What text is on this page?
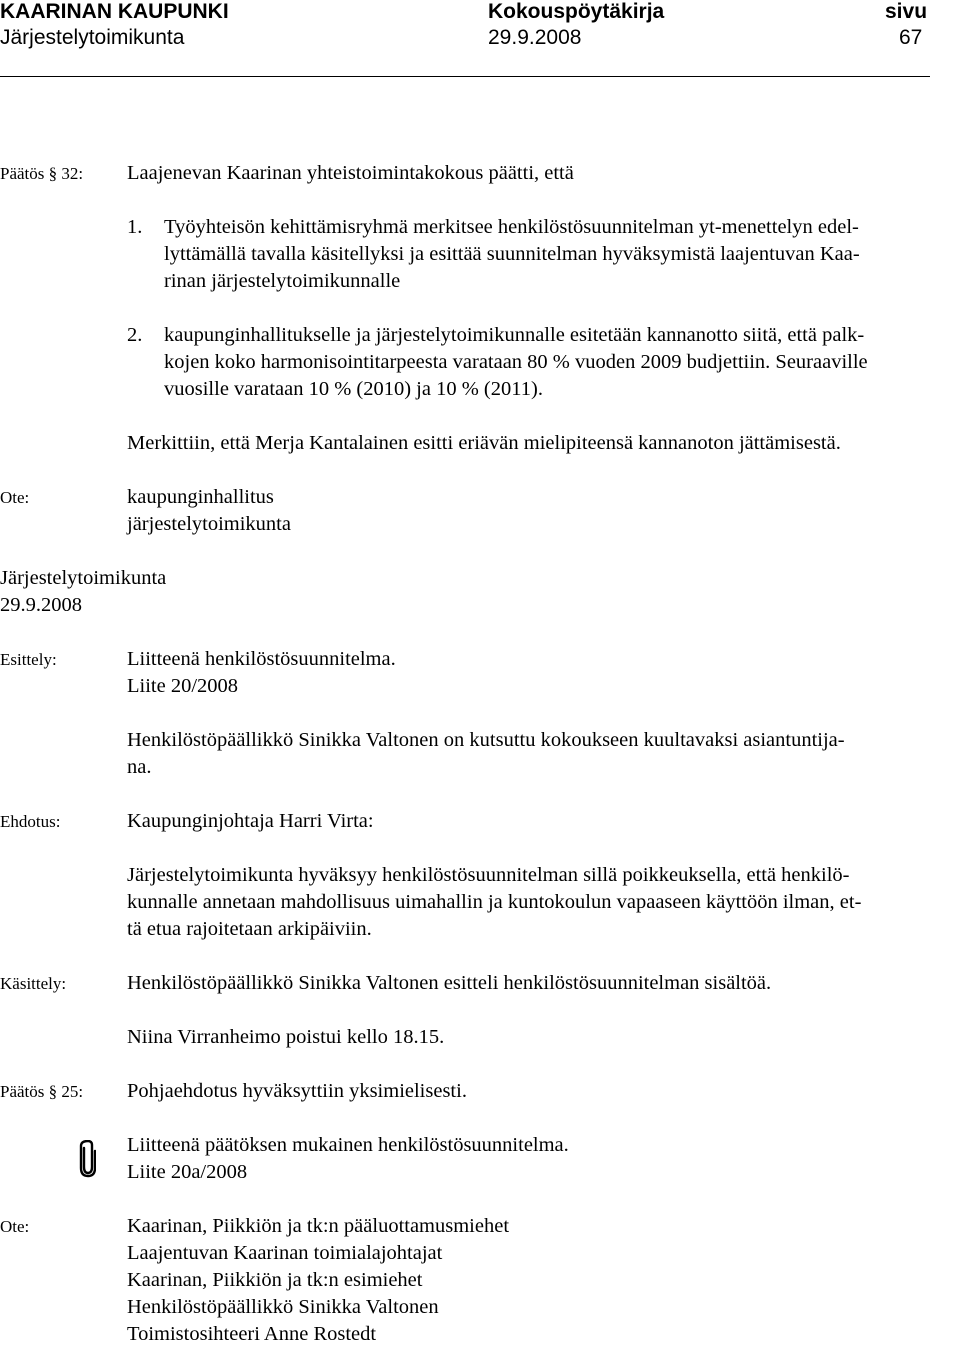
KAARINAN KAUPUNKI	Kokouspöytäkirja	sivu
Järjestelytoimikunta	29.9.2008	67
Päätös § 32: Laajenevan Kaarinan yhteistoimintakokous päätti, että
1.	Työyhteisön kehittämisryhmä merkitsee henkilöstösuunnitelman yt-menettelyn edel-
lyttämällä tavalla käsitellyksi ja esittää suunnitelman hyväksymistä laajentuvan Kaa-
rinan järjestelytoimikunnalle
2.	kaupunginhallitukselle ja järjestelytoimikunnalle esitetään kannanotto siitä, että palk-
kojen koko harmonisointitarpeesta varataan 80 % vuoden 2009 budjettiin. Seuraaville
vuosille varataan 10 % (2010) ja 10 % (2011).
Merkittiin, että Merja Kantalainen esitti eriävän mielipiteensä kannanoton jättämisestä.
Ote:	kaupunginhallitus
järjestelytoimikunta
Järjestelytoimikunta
29.9.2008
Esittely:	Liitteenä henkilöstösuunnitelma.
Liite 20/2008
Henkilöstöpäällikkö Sinikka Valtonen on kutsuttu kokoukseen kuultavaksi asiantuntija-
na.
Ehdotus:	Kaupunginjohtaja Harri Virta:
Järjestelytoimikunta hyväksyy henkilöstösuunnitelman sillä poikkeuksella, että henkilö-
kunnalle annetaan mahdollisuus uimahallin ja kuntokoulun vapaaseen käyttöön ilman, et-
tä etua rajoitetaan arkipäiviin.
Käsittely:	Henkilöstöpäällikkö Sinikka Valtonen esitteli henkilöstösuunnitelman sisältöä.
Niina Virranheimo poistui kello 18.15.
Päätös § 25: Pohjaehdotus hyväksyttiin yksimielisesti.
Liitteenä päätöksen mukainen henkilöstösuunnitelma.
Liite 20a/2008
Ote:	Kaarinan, Piikkiön ja tk:n pääluottamusmiehet
Laajentuvan Kaarinan toimialajohtajat
Kaarinan, Piikkiön ja tk:n esimiehet
Henkilöstöpäällikkö Sinikka Valtonen
Toimistosihteeri Anne Rostedt
